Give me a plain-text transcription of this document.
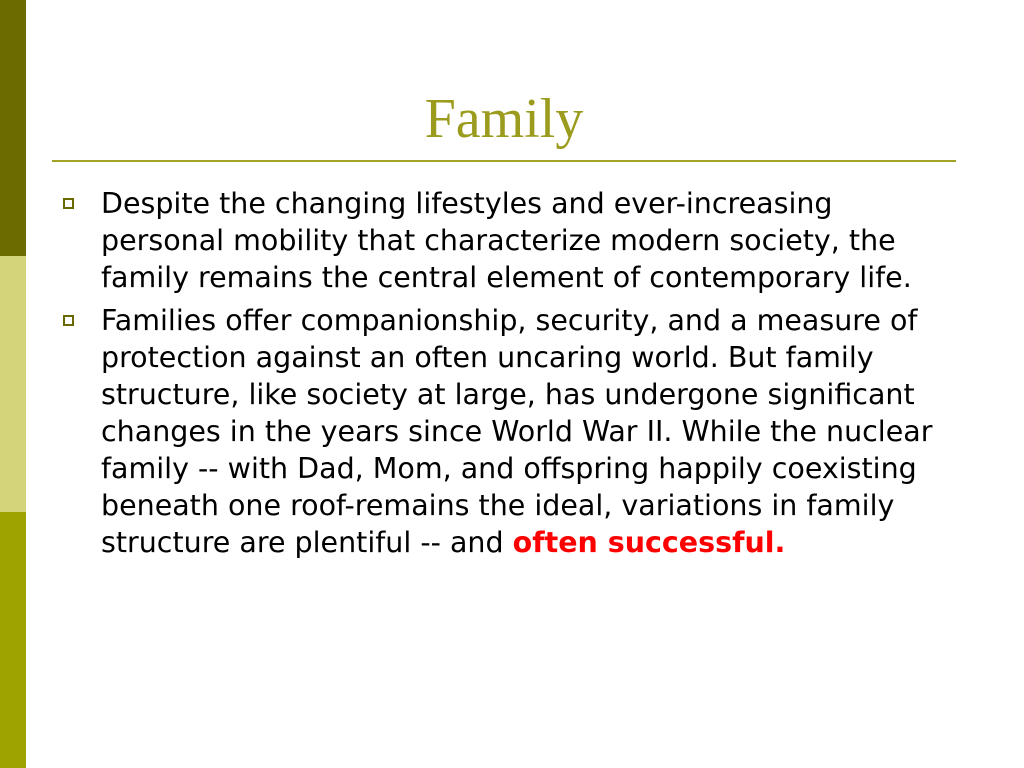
Family
Despite the changing lifestyles and ever-increasing personal mobility that characterize modern society, the family remains the central element of contemporary life.
Families offer companionship, security, and a measure of protection against an often uncaring world. But family structure, like society at large, has undergone significant changes in the years since World War II. While the nuclear family -- with Dad, Mom, and offspring happily coexisting beneath one roof-remains the ideal, variations in family structure are plentiful -- and often successful.
